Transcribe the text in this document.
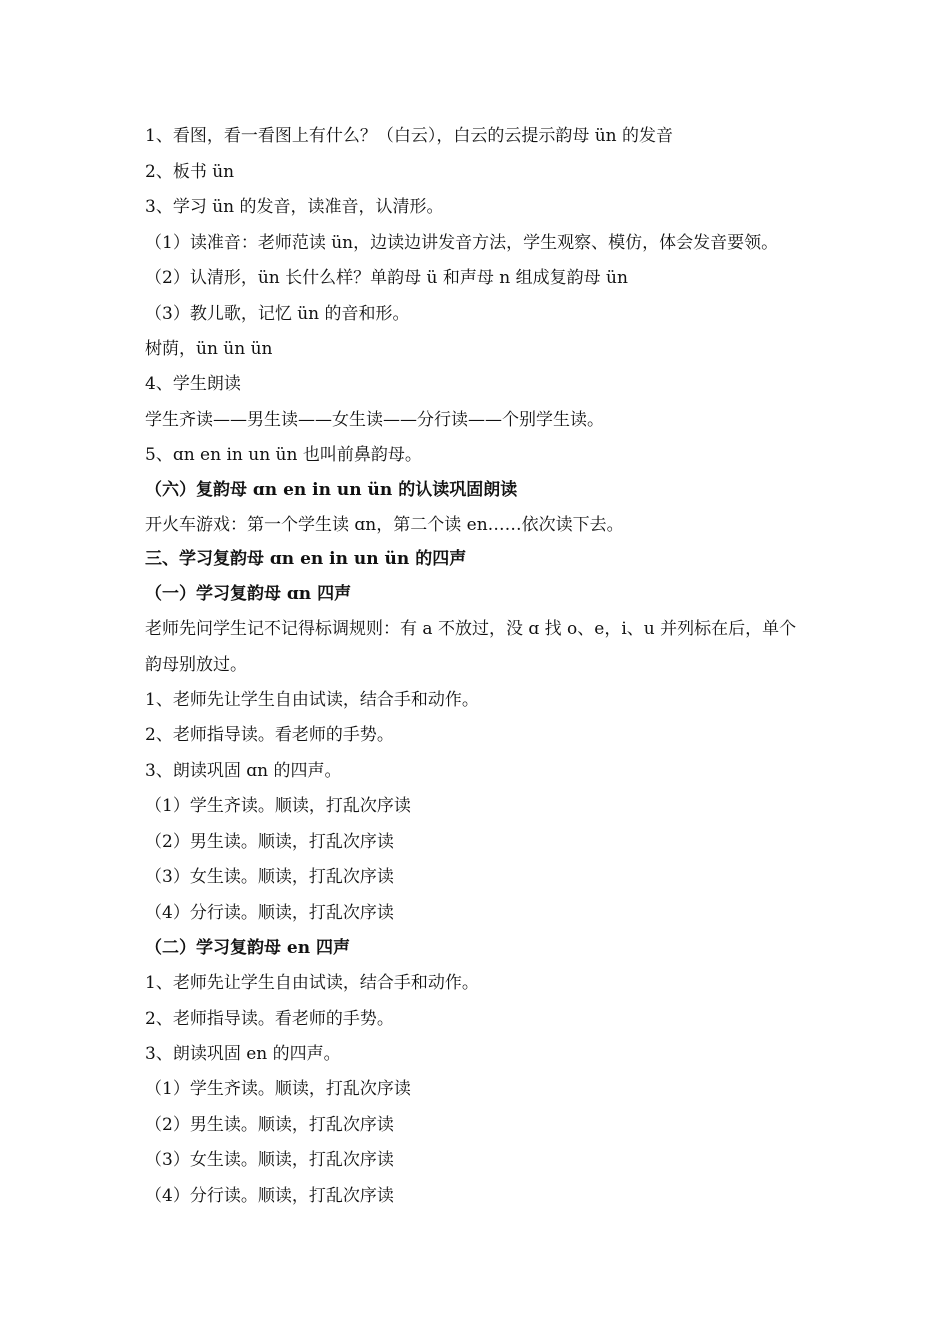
1、看图，看一看图上有什么？（白云），白云的云提示韵母 ün 的发音
2、板书 ün
3、学习 ün 的发音，读准音，认清形。
（1）读准音：老师范读 ün，边读边讲发音方法，学生观察、模仿，体会发音要领。
（2）认清形，ün 长什么样？单韵母 ü 和声母 n 组成复韵母 ün
（3）教儿歌，记忆 ün 的音和形。
树荫，ün ün ün
4、学生朗读
学生齐读——男生读——女生读——分行读——个别学生读。
5、ɑn en in un ün 也叫前鼻韵母。
（六）复韵母 ɑn en in un ün 的认读巩固朗读
开火车游戏：第一个学生读 ɑn，第二个读 en……依次读下去。
三、学习复韵母 ɑn en in un ün 的四声
（一）学习复韵母 ɑn 四声
老师先问学生记不记得标调规则：有 a 不放过，没 ɑ 找 o、e，i、u 并列标在后，单个
韵母别放过。
1、老师先让学生自由试读，结合手和动作。
2、老师指导读。看老师的手势。
3、朗读巩固 ɑn 的四声。
（1）学生齐读。顺读，打乱次序读
（2）男生读。顺读，打乱次序读
（3）女生读。顺读，打乱次序读
（4）分行读。顺读，打乱次序读
（二）学习复韵母 en 四声
1、老师先让学生自由试读，结合手和动作。
2、老师指导读。看老师的手势。
3、朗读巩固 en 的四声。
（1）学生齐读。顺读，打乱次序读
（2）男生读。顺读，打乱次序读
（3）女生读。顺读，打乱次序读
（4）分行读。顺读，打乱次序读
